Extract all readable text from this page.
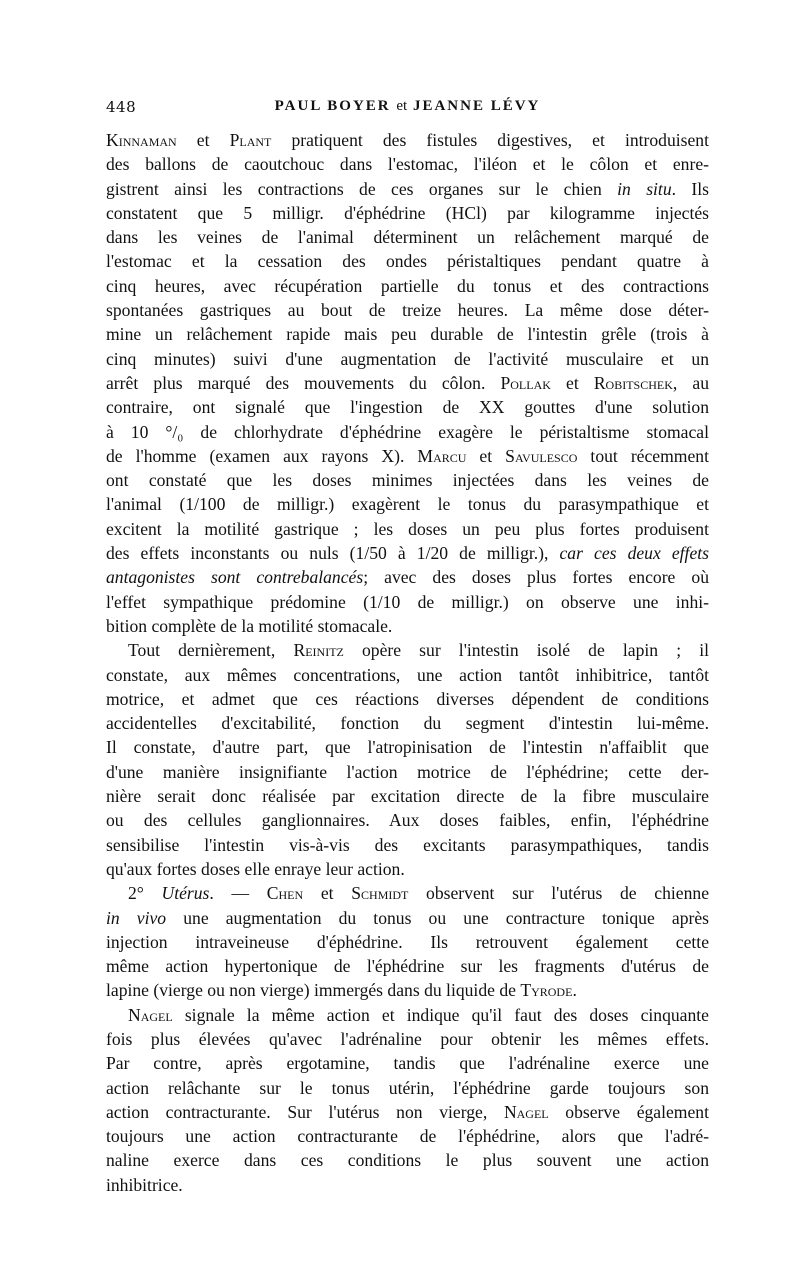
448	PAUL BOYER et JEANNE LÉVY
Kinnaman et Plant pratiquent des fistules digestives, et introduisent
des ballons de caoutchouc dans l'estomac, l'iléon et le côlon et enre-
gistrent ainsi les contractions de ces organes sur le chien in situ. Ils
constatent que 5 milligr. d'éphédrine (HCl) par kilogramme injectés
dans les veines de l'animal déterminent un relâchement marqué de
l'estomac et la cessation des ondes péristaltiques pendant quatre à
cinq heures, avec récupération partielle du tonus et des contractions
spontanées gastriques au bout de treize heures. La même dose déter-
mine un relâchement rapide mais peu durable de l'intestin grêle (trois à
cinq minutes) suivi d'une augmentation de l'activité musculaire et un
arrêt plus marqué des mouvements du côlon. Pollak et Robitschek, au
contraire, ont signalé que l'ingestion de XX gouttes d'une solution
à 10 °/₀ de chlorhydrate d'éphédrine exagère le péristaltisme stomacal
de l'homme (examen aux rayons X). Marcu et Savulesco tout récemment
ont constaté que les doses minimes injectées dans les veines de
l'animal (1/100 de milligr.) exagèrent le tonus du parasympathique et
excitent la motilité gastrique ; les doses un peu plus fortes produisent
des effets inconstants ou nuls (1/50 à 1/20 de milligr.), car ces deux effets
antagonistes sont contrebalancés; avec des doses plus fortes encore où
l'effet sympathique prédomine (1/10 de milligr.) on observe une inhi-
bition complète de la motilité stomacale.
Tout dernièrement, Reinitz opère sur l'intestin isolé de lapin ; il
constate, aux mêmes concentrations, une action tantôt inhibitrice, tantôt
motrice, et admet que ces réactions diverses dépendent de conditions
accidentelles d'excitabilité, fonction du segment d'intestin lui-même.
Il constate, d'autre part, que l'atropinisation de l'intestin n'affaiblit que
d'une manière insignifiante l'action motrice de l'éphédrine; cette der-
nière serait donc réalisée par excitation directe de la fibre musculaire
ou des cellules ganglionnaires. Aux doses faibles, enfin, l'éphédrine
sensibilise l'intestin vis-à-vis des excitants parasympathiques, tandis
qu'aux fortes doses elle enraye leur action.
2° Utérus. — Chen et Schmidt observent sur l'utérus de chienne
in vivo une augmentation du tonus ou une contracture tonique après
injection intraveineuse d'éphédrine. Ils retrouvent également cette
même action hypertonique de l'éphédrine sur les fragments d'utérus de
lapine (vierge ou non vierge) immergés dans du liquide de Tyrode.
Nagel signale la même action et indique qu'il faut des doses cinquante
fois plus élevées qu'avec l'adrénaline pour obtenir les mêmes effets.
Par contre, après ergotamine, tandis que l'adrénaline exerce une
action relâchante sur le tonus utérin, l'éphédrine garde toujours son
action contracturante. Sur l'utérus non vierge, Nagel observe également
toujours une action contracturante de l'éphédrine, alors que l'adré-
naline exerce dans ces conditions le plus souvent une action
inhibitrice.
